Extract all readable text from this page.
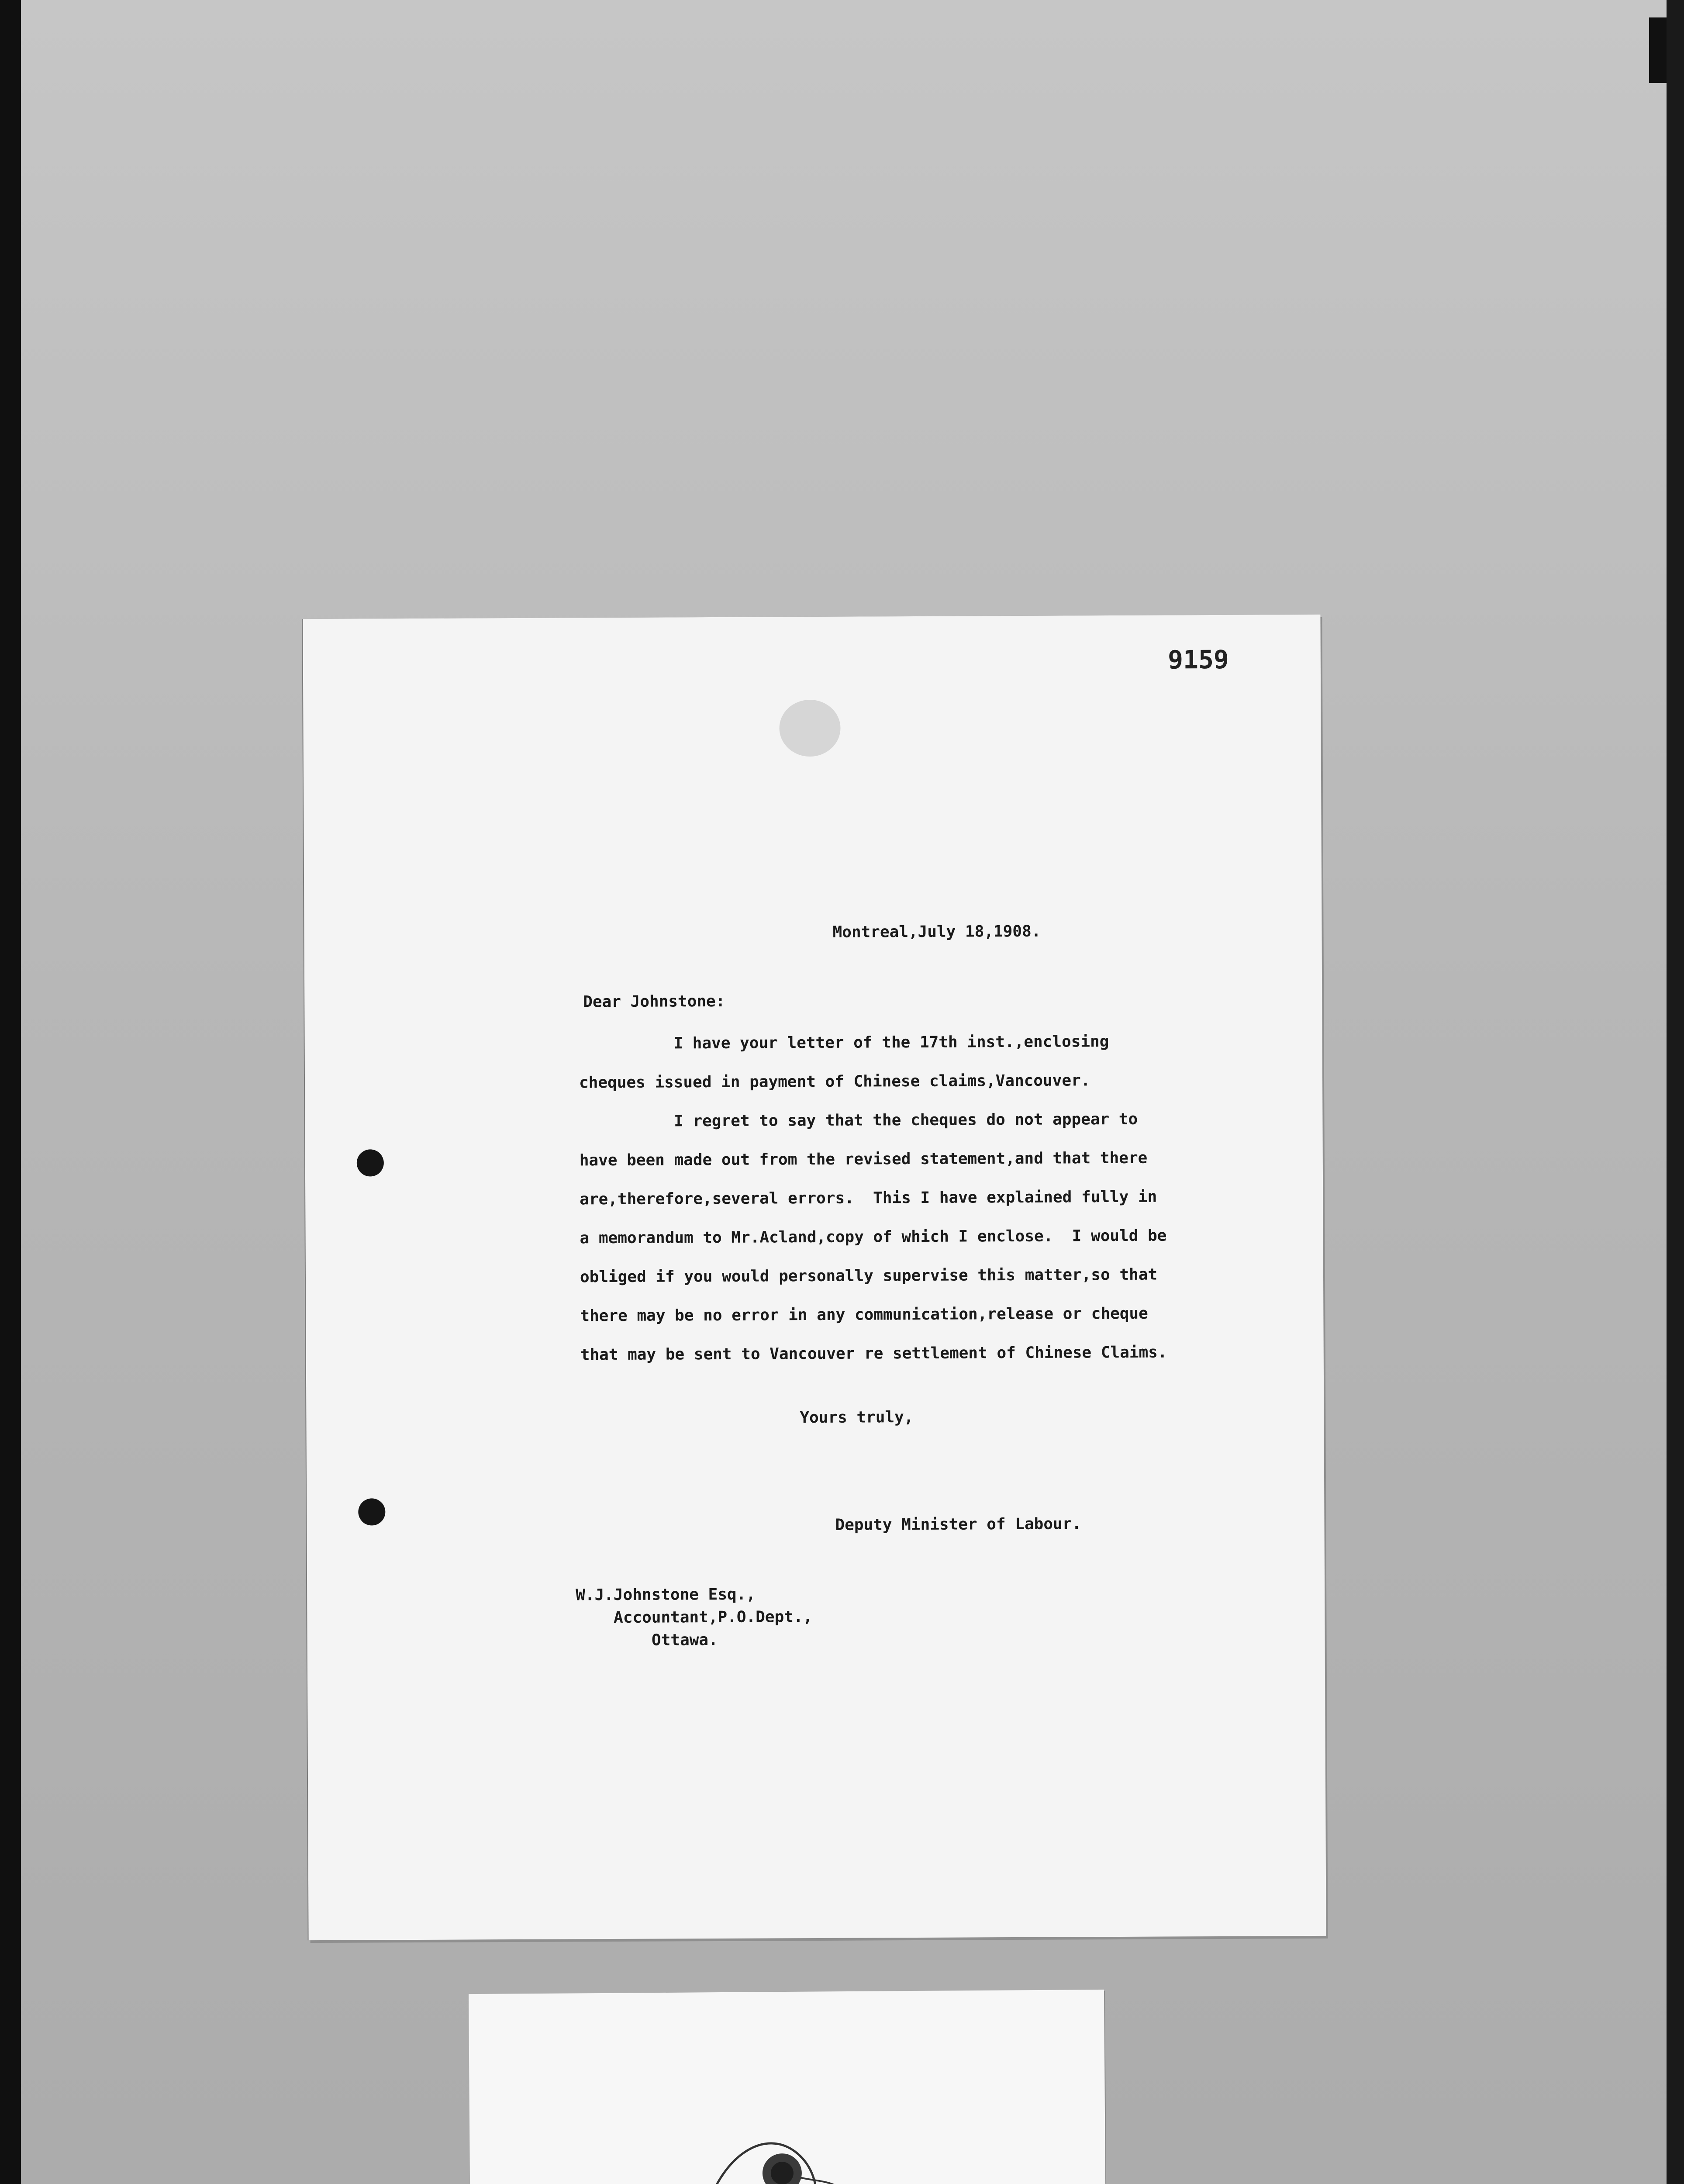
9159
Montreal,July 18,1908.
Dear Johnstone:
I have your letter of the 17th inst.,enclosing
cheques issued in payment of Chinese claims,Vancouver.
I regret to say that the cheques do not appear to
have been made out from the revised statement,and that there
are,therefore,several errors.  This I have explained fully in
a memorandum to Mr.Acland,copy of which I enclose.  I would be
obliged if you would personally supervise this matter,so that
there may be no error in any communication,release or cheque
that may be sent to Vancouver re settlement of Chinese Claims.
Yours truly,
Deputy Minister of Labour.
W.J.Johnstone Esq.,
Accountant,P.O.Dept.,
Ottawa.
